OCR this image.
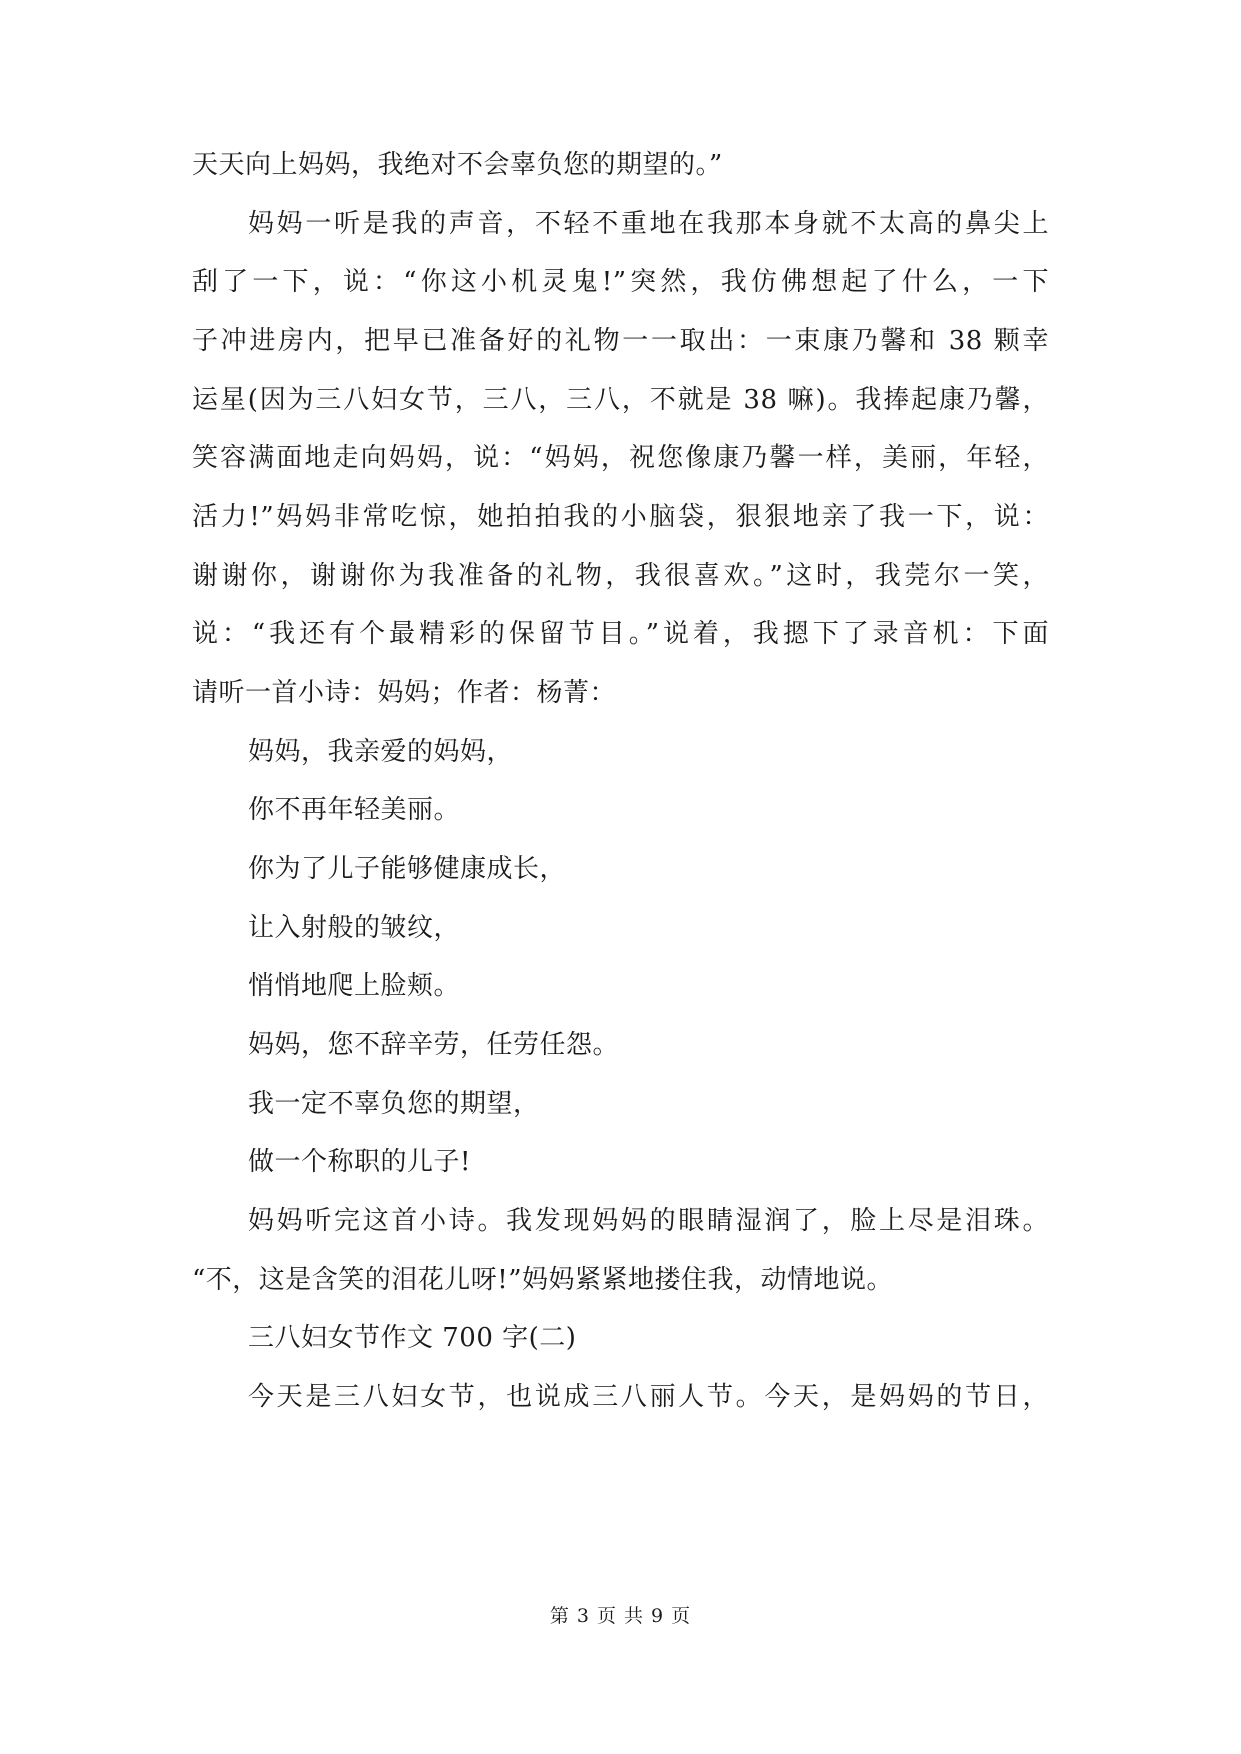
天天向上妈妈，我绝对不会辜负您的期望的。”
妈妈一听是我的声音，不轻不重地在我那本身就不太高的鼻尖上
刮了一下，说：“你这小机灵鬼!”突然，我仿佛想起了什么，一下
子冲进房内，把早已准备好的礼物一一取出：一束康乃馨和 38 颗幸
运星(因为三八妇女节，三八，三八，不就是 38 嘛)。我捧起康乃馨，
笑容满面地走向妈妈，说：“妈妈，祝您像康乃馨一样，美丽，年轻，
活力!”妈妈非常吃惊，她拍拍我的小脑袋，狠狠地亲了我一下，说：
谢谢你，谢谢你为我准备的礼物，我很喜欢。”这时，我莞尔一笑，
说：“我还有个最精彩的保留节目。”说着，我摁下了录音机：下面
请听一首小诗：妈妈；作者：杨菁：
妈妈，我亲爱的妈妈，
你不再年轻美丽。
你为了儿子能够健康成长，
让入射般的皱纹，
悄悄地爬上脸颊。
妈妈，您不辞辛劳，任劳任怨。
我一定不辜负您的期望，
做一个称职的儿子!
妈妈听完这首小诗。我发现妈妈的眼睛湿润了，脸上尽是泪珠。
“不，这是含笑的泪花儿呀!”妈妈紧紧地搂住我，动情地说。
三八妇女节作文 700 字(二)
今天是三八妇女节，也说成三八丽人节。今天，是妈妈的节日，
第 3 页 共 9 页
